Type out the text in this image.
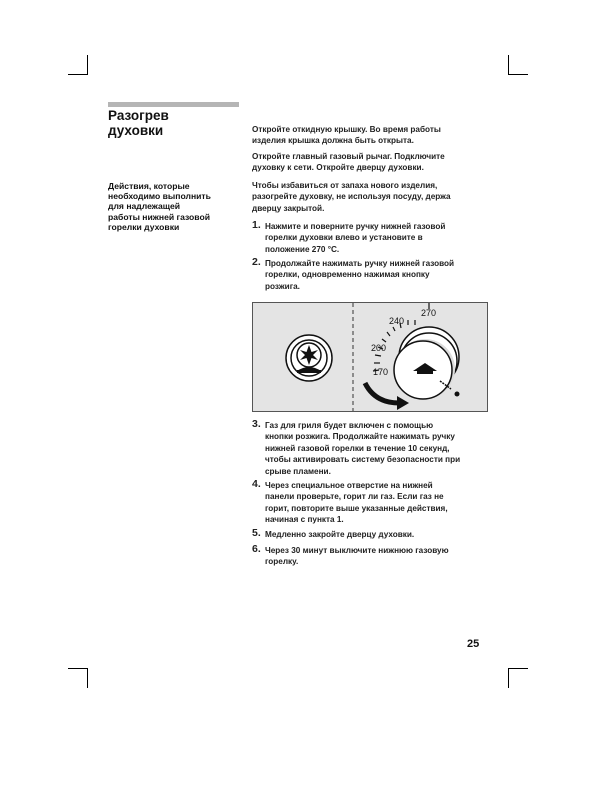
Разогрев
духовки
Действия, которые
необходимо выполнить
для надлежащей
работы нижней газовой
горелки духовки
Откройте откидную крышку. Во время работы
изделия крышка должна быть открыта.
Откройте главный газовый рычаг. Подключите
духовку к сети. Откройте дверцу духовки.
Чтобы избавиться от запаха нового изделия,
разогрейте духовку, не используя посуду, держа
дверцу закрытой.
1. Нажмите и поверните ручку нижней газовой
горелки духовки влево и установите в
положение 270 °C.
2. Продолжайте нажимать ручку нижней газовой
горелки, одновременно нажимая кнопку
розжига.
170
200
240
270
3. Газ для гриля будет включен с помощью
кнопки розжига. Продолжайте нажимать ручку
нижней газовой горелки в течение 10 секунд,
чтобы активировать систему безопасности при
срыве пламени.
4. Через специальное отверстие на нижней
панели проверьте, горит ли газ. Если газ не
горит, повторите выше указанные действия,
начиная с пункта 1.
5. Медленно закройте дверцу духовки.
6. Через 30 минут выключите нижнюю газовую
горелку.
25
